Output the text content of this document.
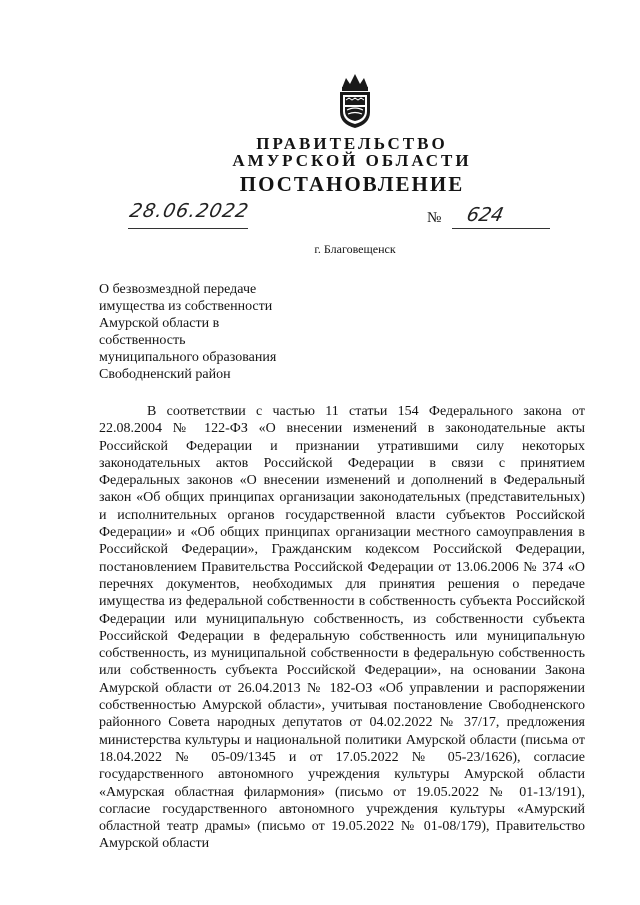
ПРАВИТЕЛЬСТВО
АМУРСКОЙ ОБЛАСТИ
ПОСТАНОВЛЕНИЕ
28.06.2022	№ 624
г. Благовещенск
О безвозмездной передаче
имущества из собственности
Амурской области в
собственность
муниципального образования
Свободненский район

В соответствии с частью 11 статьи 154 Федерального закона от 22.08.2004 № 122-ФЗ «О внесении изменений в законодательные акты Российской Федерации и признании утратившими силу некоторых законодательных актов Российской Федерации в связи с принятием Федеральных законов «О внесении изменений и дополнений в Федеральный закон «Об общих принципах организации законодательных (представительных) и исполнительных органов государственной власти субъектов Российской Федерации» и «Об общих принципах организации местного самоуправления в Российской Федерации», Гражданским кодексом Российской Федерации, постановлением Правительства Российской Федерации от 13.06.2006 № 374 «О перечнях документов, необходимых для принятия решения о передаче имущества из федеральной собственности в собственность субъекта Российской Федерации или муниципальную собственность, из собственности субъекта Российской Федерации в федеральную собственность или муниципальную собственность, из муниципальной собственности в федеральную собственность или собственность субъекта Российской Федерации», на основании Закона Амурской области от 26.04.2013 № 182-ОЗ «Об управлении и распоряжении собственностью Амурской области», учитывая постановление Свободненского районного Совета народных депутатов от 04.02.2022 № 37/17, предложения министерства культуры и национальной политики Амурской области (письма от 18.04.2022 № 05-09/1345 и от 17.05.2022 № 05-23/1626), согласие государственного автономного учреждения культуры Амурской области «Амурская областная филармония» (письмо от 19.05.2022 № 01-13/191), согласие государственного автономного учреждения культуры «Амурский областной театр драмы» (письмо от 19.05.2022 № 01-08/179), Правительство Амурской области
